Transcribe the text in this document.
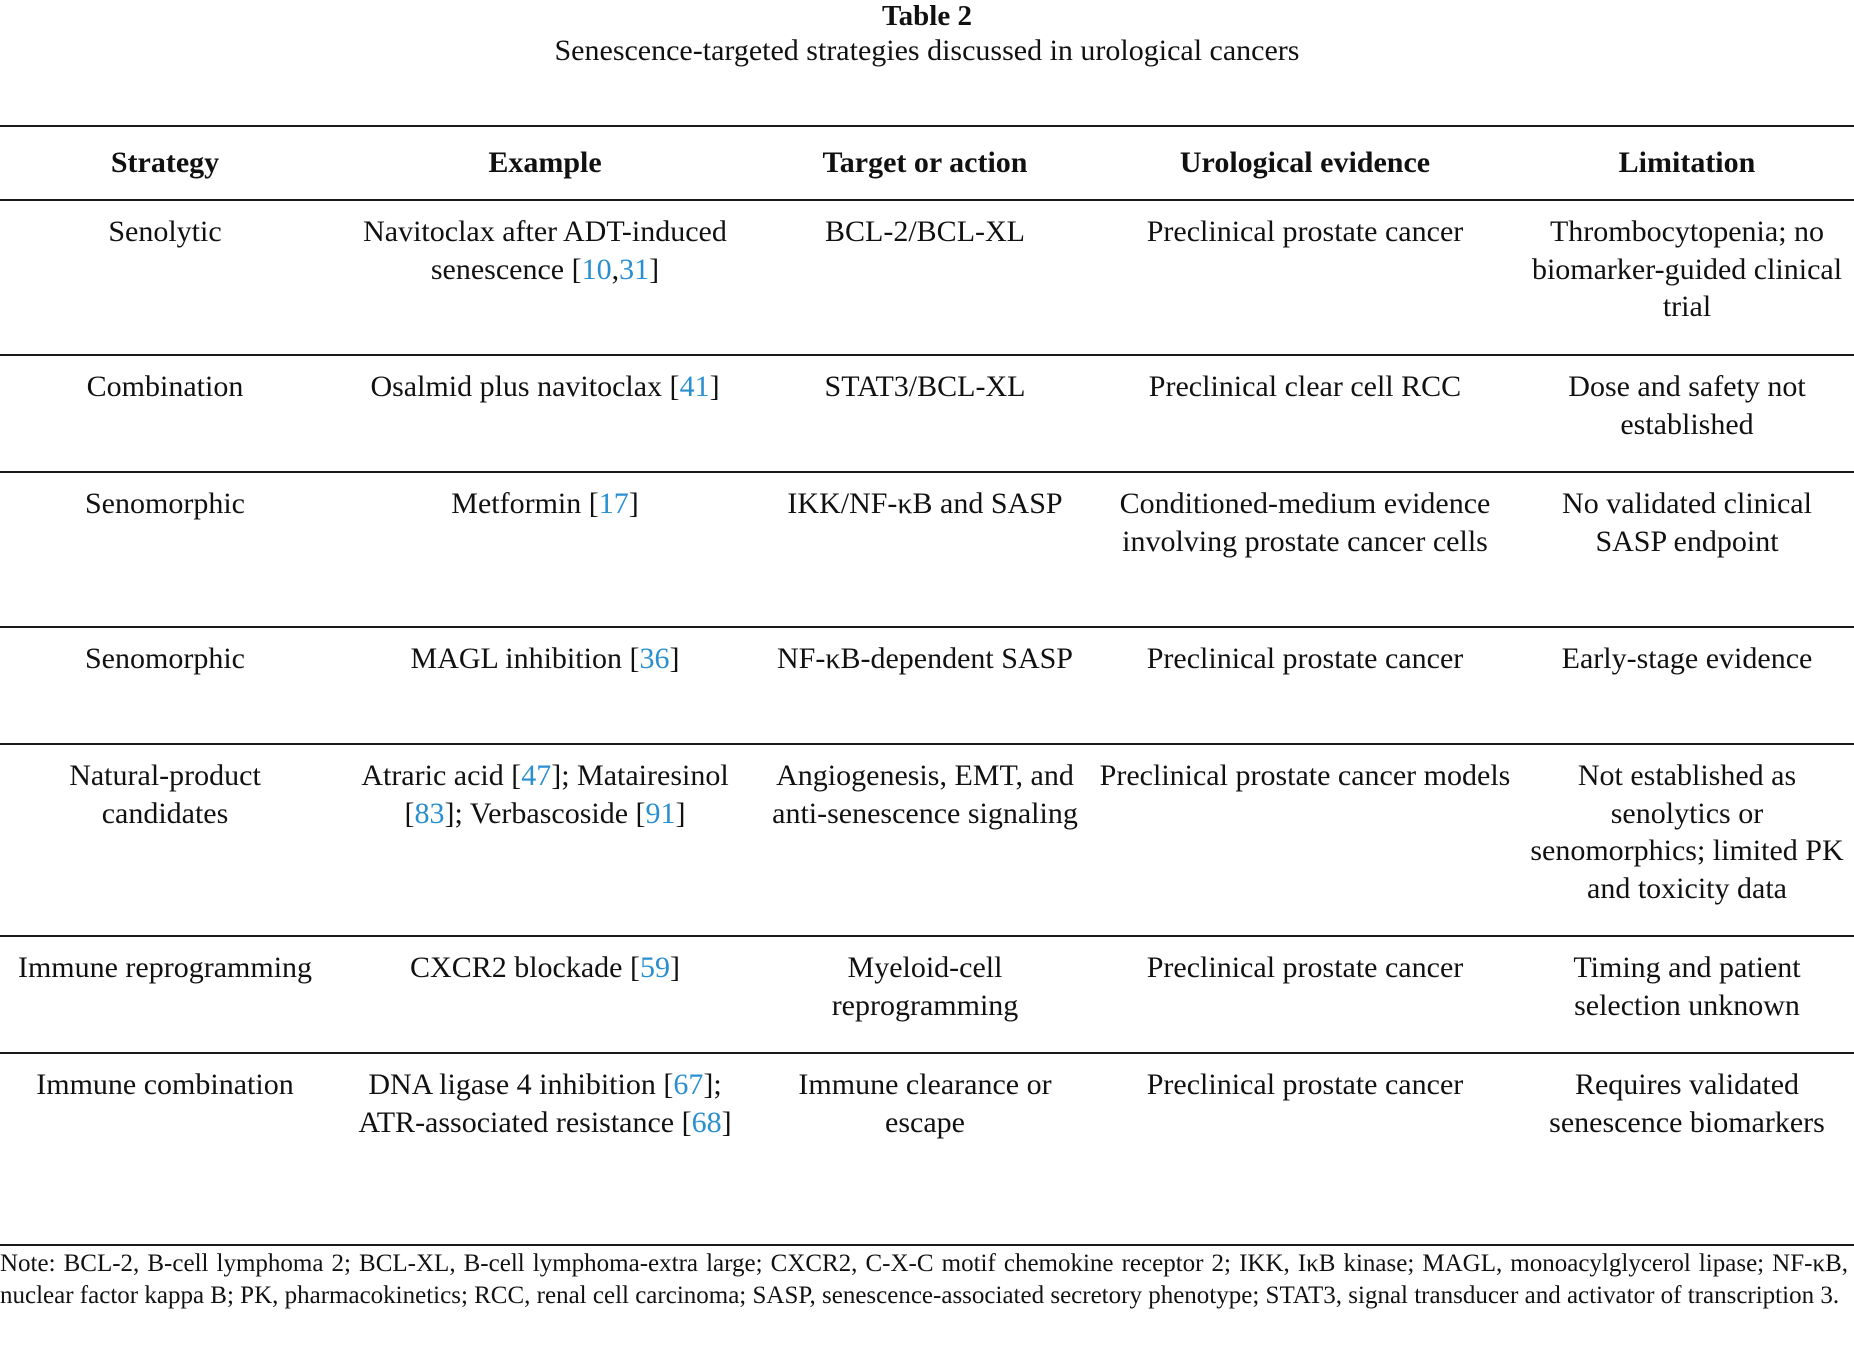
Table 2
Senescence-targeted strategies discussed in urological cancers
Strategy	Example	Target or action	Urological evidence	Limitation

Senolytic	Navitoclax after ADT-induced senescence [10,31]	BCL-2/BCL-XL	Preclinical prostate cancer	Thrombocytopenia; no biomarker-guided clinical trial

Combination	Osalmid plus navitoclax [41]	STAT3/BCL-XL	Preclinical clear cell RCC	Dose and safety not established

Senomorphic	Metformin [17]	IKK/NF-κB and SASP	Conditioned-medium evidence involving prostate cancer cells	No validated clinical SASP endpoint

Senomorphic	MAGL inhibition [36]	NF-κB-dependent SASP	Preclinical prostate cancer	Early-stage evidence

Natural-product candidates	Atraric acid [47]; Matairesinol [83]; Verbascoside [91]	Angiogenesis, EMT, and anti-senescence signaling	Preclinical prostate cancer models	Not established as senolytics or senomorphics; limited PK and toxicity data

Immune reprogramming	CXCR2 blockade [59]	Myeloid-cell reprogramming	Preclinical prostate cancer	Timing and patient selection unknown

Immune combination	DNA ligase 4 inhibition [67]; ATR-associated resistance [68]	Immune clearance or escape	Preclinical prostate cancer	Requires validated senescence biomarkers
Note: BCL-2, B-cell lymphoma 2; BCL-XL, B-cell lymphoma-extra large; CXCR2, C-X-C motif chemokine receptor 2; IKK, IκB kinase; MAGL, monoacylglycerol lipase; NF-κB, nuclear factor kappa B; PK, pharmacokinetics; RCC, renal cell carcinoma; SASP, senescence-associated secretory phenotype; STAT3, signal transducer and activator of transcription 3.
